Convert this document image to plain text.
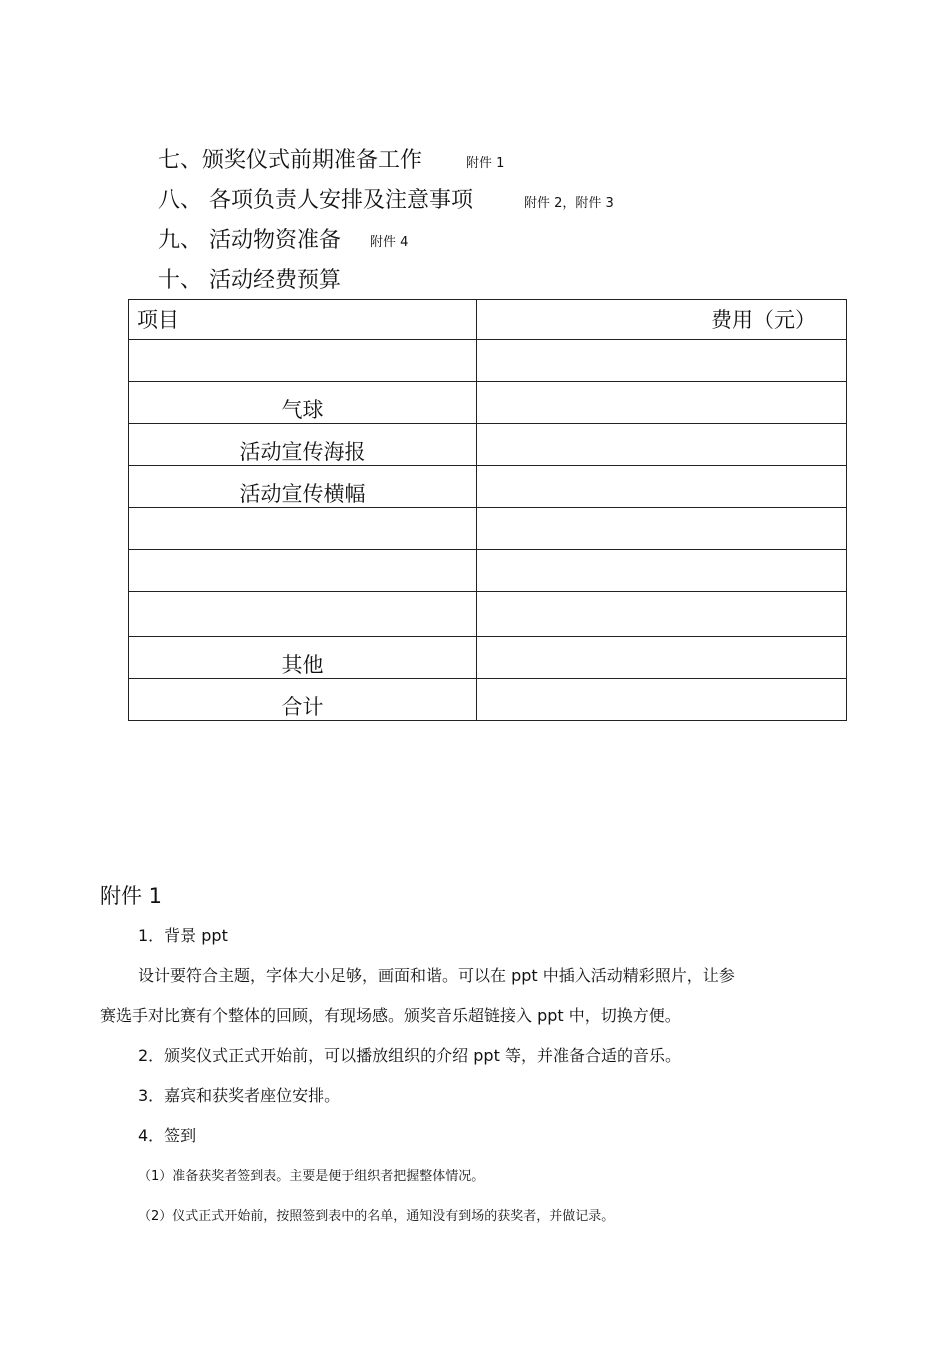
七、颁奖仪式前期准备工作	附件 1
八、 各项负责人安排及注意事项	附件 2，附件 3
九、 活动物资准备 附件 4
十、 活动经费预算
项目	费用（元）

气球	
活动宣传海报	
活动宣传横幅	

其他	
合计	
附件 1
1．背景 ppt
设计要符合主题，字体大小足够，画面和谐。可以在 ppt 中插入活动精彩照片，让参
赛选手对比赛有个整体的回顾，有现场感。颁奖音乐超链接入 ppt 中，切换方便。
2．颁奖仪式正式开始前，可以播放组织的介绍 ppt 等，并准备合适的音乐。
3．嘉宾和获奖者座位安排。
4．签到
（1）准备获奖者签到表。主要是便于组织者把握整体情况。
（2）仪式正式开始前，按照签到表中的名单，通知没有到场的获奖者，并做记录。
